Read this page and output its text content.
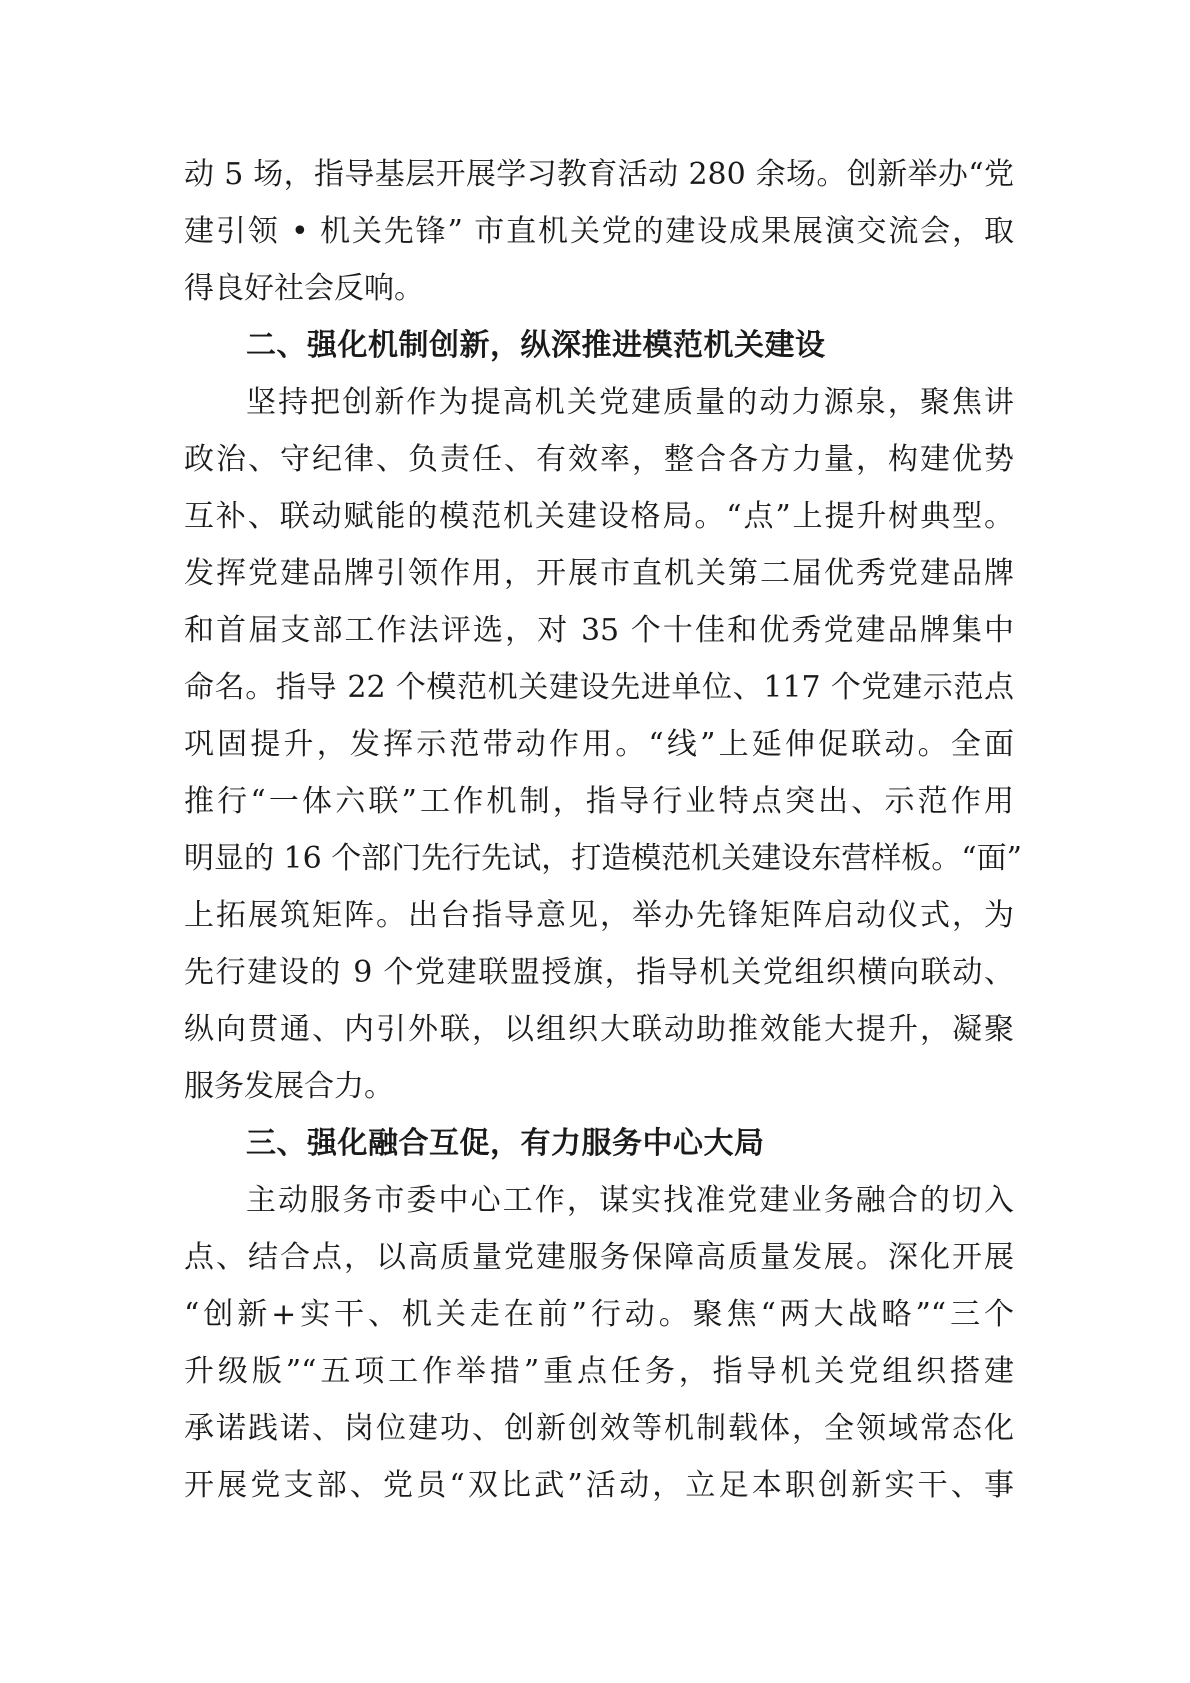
动 5 场，指导基层开展学习教育活动 280 余场。创新举办“党
建引领 • 机关先锋” 市直机关党的建设成果展演交流会，取
得良好社会反响。
二、强化机制创新，纵深推进模范机关建设
坚持把创新作为提高机关党建质量的动力源泉，聚焦讲
政治、守纪律、负责任、有效率，整合各方力量，构建优势
互补、联动赋能的模范机关建设格局。“点”上提升树典型。
发挥党建品牌引领作用，开展市直机关第二届优秀党建品牌
和首届支部工作法评选，对 35 个十佳和优秀党建品牌集中
命名。指导 22 个模范机关建设先进单位、117 个党建示范点
巩固提升，发挥示范带动作用。“线”上延伸促联动。全面
推行“一体六联”工作机制，指导行业特点突出、示范作用
明显的 16 个部门先行先试，打造模范机关建设东营样板。“面”
上拓展筑矩阵。出台指导意见，举办先锋矩阵启动仪式，为
先行建设的 9 个党建联盟授旗，指导机关党组织横向联动、
纵向贯通、内引外联，以组织大联动助推效能大提升，凝聚
服务发展合力。
三、强化融合互促，有力服务中心大局
主动服务市委中心工作，谋实找准党建业务融合的切入
点、结合点，以高质量党建服务保障高质量发展。深化开展
“创新+实干、机关走在前”行动。聚焦“两大战略”“三个
升级版”“五项工作举措”重点任务，指导机关党组织搭建
承诺践诺、岗位建功、创新创效等机制载体，全领域常态化
开展党支部、党员“双比武”活动，立足本职创新实干、事
